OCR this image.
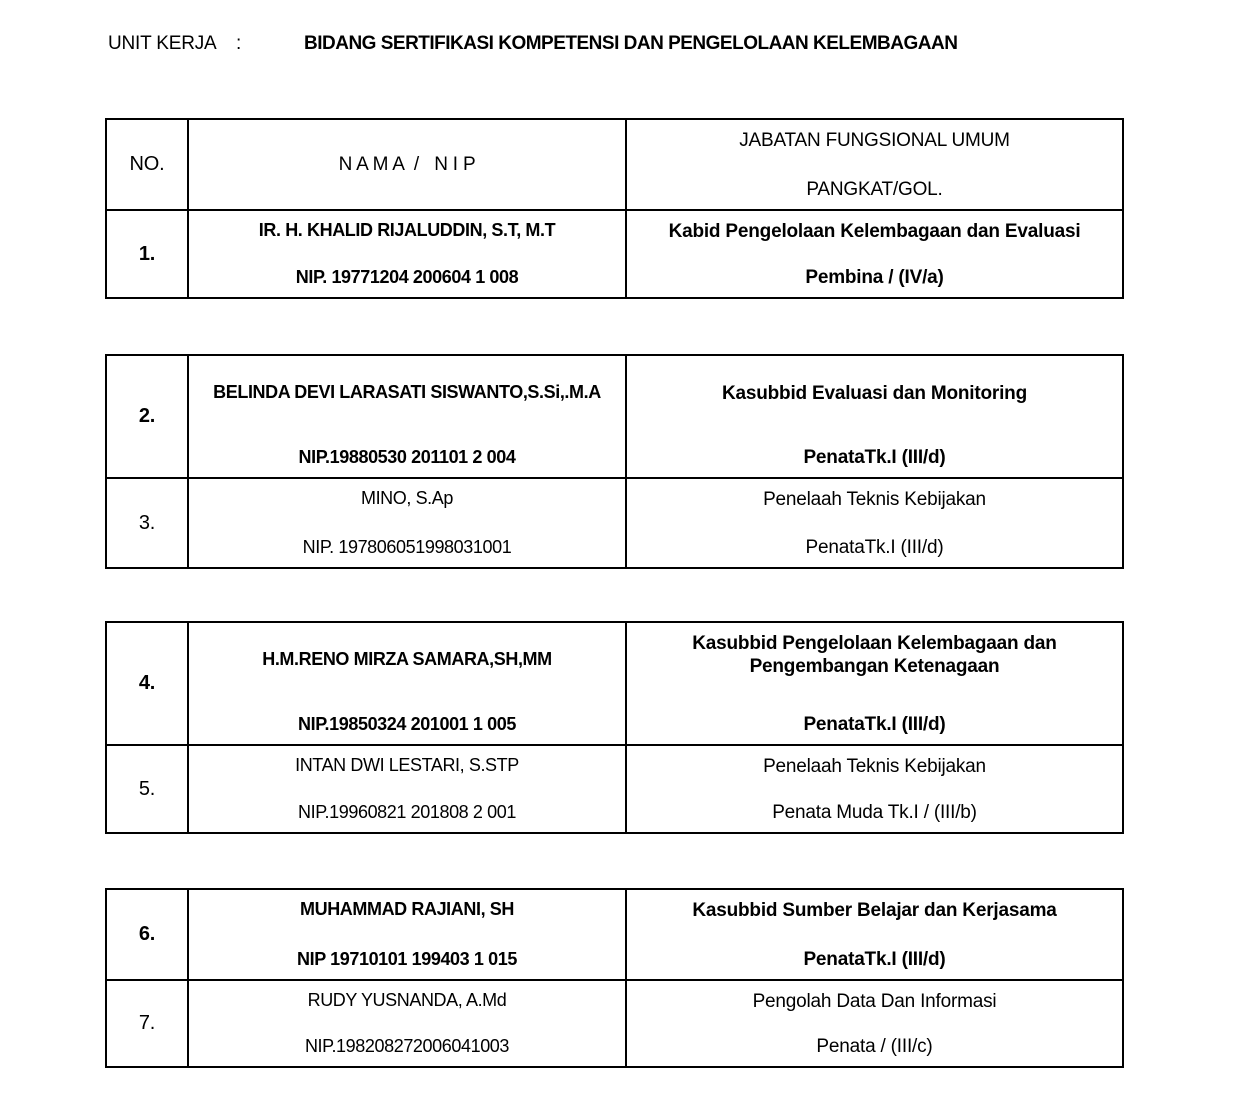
UNIT KERJA :	BIDANG SERTIFIKASI KOMPETENSI DAN PENGELOLAAN KELEMBAGAAN
NO.	N A M A  /   N I P
JABATAN FUNGSIONAL UMUM
PANGKAT/GOL.
1.
IR. H. KHALID RIJALUDDIN, S.T, M.T
NIP. 19771204 200604 1 008
Kabid Pengelolaan Kelembagaan dan Evaluasi
Pembina / (IV/a)
2.
BELINDA DEVI LARASATI SISWANTO,S.Si,.M.A
NIP.19880530 201101 2 004
Kasubbid Evaluasi dan Monitoring
PenataTk.I (III/d)
3.
MINO, S.Ap
NIP. 197806051998031001
Penelaah Teknis Kebijakan
PenataTk.I (III/d)
4.
H.M.RENO MIRZA SAMARA,SH,MM
NIP.19850324 201001 1 005
Kasubbid Pengelolaan Kelembagaan dan Pengembangan Ketenagaan
PenataTk.I (III/d)
5.
INTAN DWI LESTARI, S.STP
NIP.19960821 201808 2 001
Penelaah Teknis Kebijakan
Penata Muda Tk.I / (III/b)
6.
MUHAMMAD RAJIANI, SH
NIP 19710101 199403 1 015
Kasubbid Sumber Belajar dan Kerjasama
PenataTk.I (III/d)
7.
RUDY YUSNANDA, A.Md
NIP.198208272006041003
Pengolah Data Dan Informasi
Penata / (III/c)
